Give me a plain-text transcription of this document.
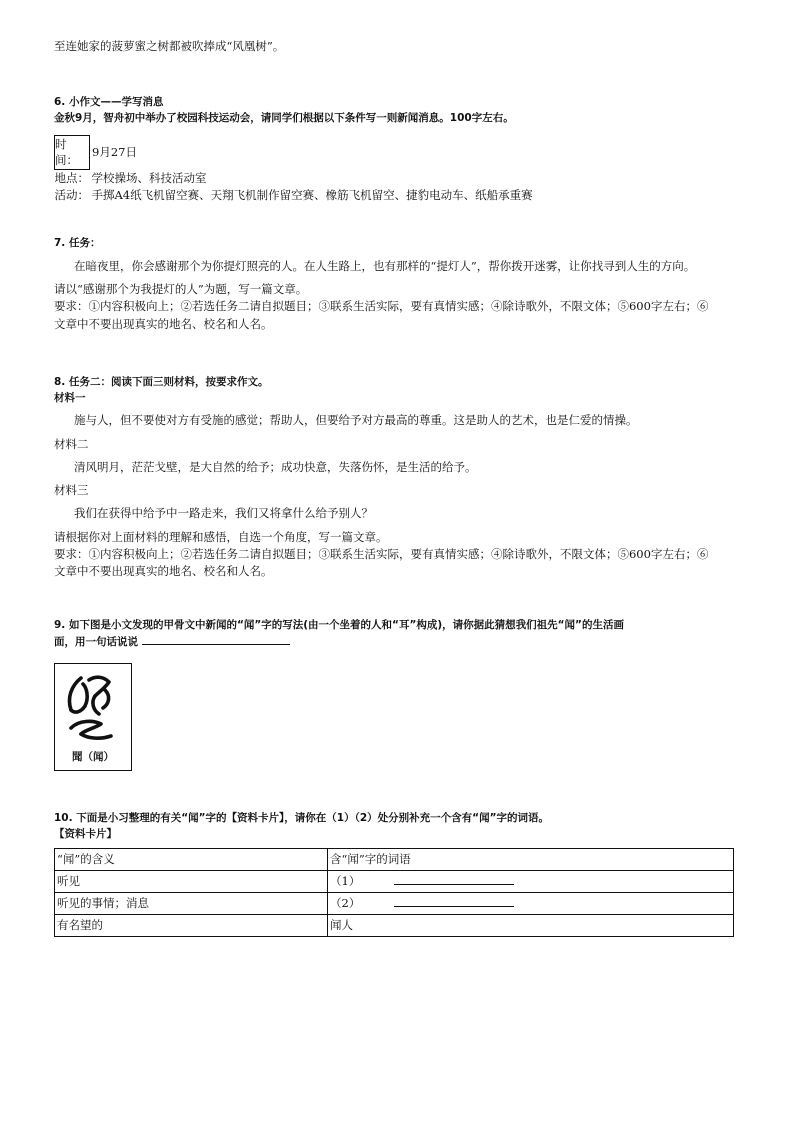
至连她家的菠萝蜜之树都被吹捧成“风凰树”。
6. 小作文——学写消息
金秋9月，智舟初中举办了校园科技运动会，请同学们根据以下条件写一则新闻消息。100字左右。
时间：	9月27日
地点：	学校操场、科技活动室
活动：	手掷A4纸飞机留空赛、天翔飞机制作留空赛、橡筋飞机留空、捷豹电动车、纸船承重赛
7. 任务：
在暗夜里，你会感谢那个为你提灯照亮的人。在人生路上，也有那样的“提灯人”，帮你拨开迷雾，让你找寻到人生的方向。
请以“感谢那个为我提灯的人”为题，写一篇文章。
要求：①内容积极向上；②若选任务二请自拟题目；③联系生活实际，要有真情实感；④除诗歌外，不限文体；⑤600字左右；⑥
文章中不要出现真实的地名、校名和人名。
8. 任务二：阅读下面三则材料，按要求作文。
材料一
施与人，但不要使对方有受施的感觉；帮助人，但要给予对方最高的尊重。这是助人的艺术，也是仁爱的情操。
材料二
清风明月，茫茫戈壁，是大自然的给予；成功快意，失落伤怀，是生活的给予。
材料三
我们在获得中给予中一路走来，我们又将拿什么给予别人？
请根据你对上面材料的理解和感悟，自选一个角度，写一篇文章。
要求：①内容积极向上；②若选任务二请自拟题目；③联系生活实际，要有真情实感；④除诗歌外，不限文体；⑤600字左右；⑥
文章中不要出现真实的地名、校名和人名。
9. 如下图是小文发现的甲骨文中新闻的“闻”字的写法(由一个坐着的人和“耳”构成)，请你据此猜想我们祖先“闻”的生活画
面，用一句话说说
聞（闻）
10. 下面是小习整理的有关“闻”字的【资料卡片】，请你在（1）（2）处分别补充一个含有“闻”字的词语。
【资料卡片】
“闻”的含义	含“闻”字的词语
听见	（1）
听见的事情；消息	（2）
有名望的	闻人
